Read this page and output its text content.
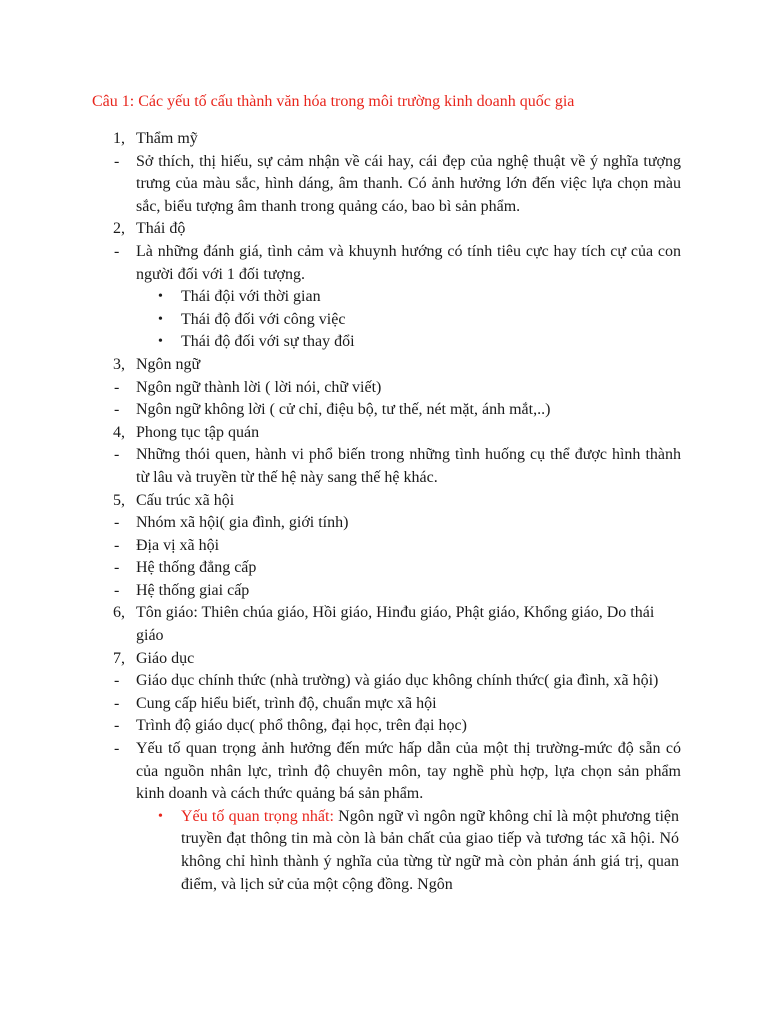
Câu 1: Các yếu tố cấu thành văn hóa trong môi trường kinh doanh quốc gia
1, Thẩm mỹ
- Sở thích, thị hiếu, sự cảm nhận về cái hay, cái đẹp của nghệ thuật về ý nghĩa tượng trưng của màu sắc, hình dáng, âm thanh. Có ảnh hưởng lớn đến việc lựa chọn màu sắc, biểu tượng âm thanh trong quảng cáo, bao bì sản phẩm.
2, Thái độ
- Là những đánh giá, tình cảm và khuynh hướng có tính tiêu cực hay tích cự của con người đối với 1 đối tượng.
• Thái đội với thời gian
• Thái độ đối với công việc
• Thái độ đối với sự thay đổi
3, Ngôn ngữ
- Ngôn ngữ thành lời ( lời nói, chữ viết)
- Ngôn ngữ không lời ( cử chỉ, điệu bộ, tư thế, nét mặt, ánh mắt,..)
4, Phong tục tập quán
- Những thói quen, hành vi phổ biến trong những tình huống cụ thể được hình thành từ lâu và truyền từ thế hệ này sang thế hệ khác.
5, Cấu trúc xã hội
- Nhóm xã hội( gia đình, giới tính)
- Địa vị xã hội
- Hệ thống đẳng cấp
- Hệ thống giai cấp
6, Tôn giáo: Thiên chúa giáo, Hồi giáo, Hinđu giáo, Phật giáo, Khổng giáo, Do thái giáo
7, Giáo dục
- Giáo dục chính thức (nhà trường) và giáo dục không chính thức( gia đình, xã hội)
- Cung cấp hiểu biết, trình độ, chuẩn mực xã hội
- Trình độ giáo dục( phổ thông, đại học, trên đại học)
- Yếu tố quan trọng ảnh hưởng đến mức hấp dẫn của một thị trường-mức độ sẵn có của nguồn nhân lực, trình độ chuyên môn, tay nghề phù hợp, lựa chọn sản phẩm kinh doanh và cách thức quảng bá sản phẩm.
• Yếu tố quan trọng nhất: Ngôn ngữ vì ngôn ngữ không chỉ là một phương tiện truyền đạt thông tin mà còn là bản chất của giao tiếp và tương tác xã hội. Nó không chỉ hình thành ý nghĩa của từng từ ngữ mà còn phản ánh giá trị, quan điểm, và lịch sử của một cộng đồng. Ngôn
